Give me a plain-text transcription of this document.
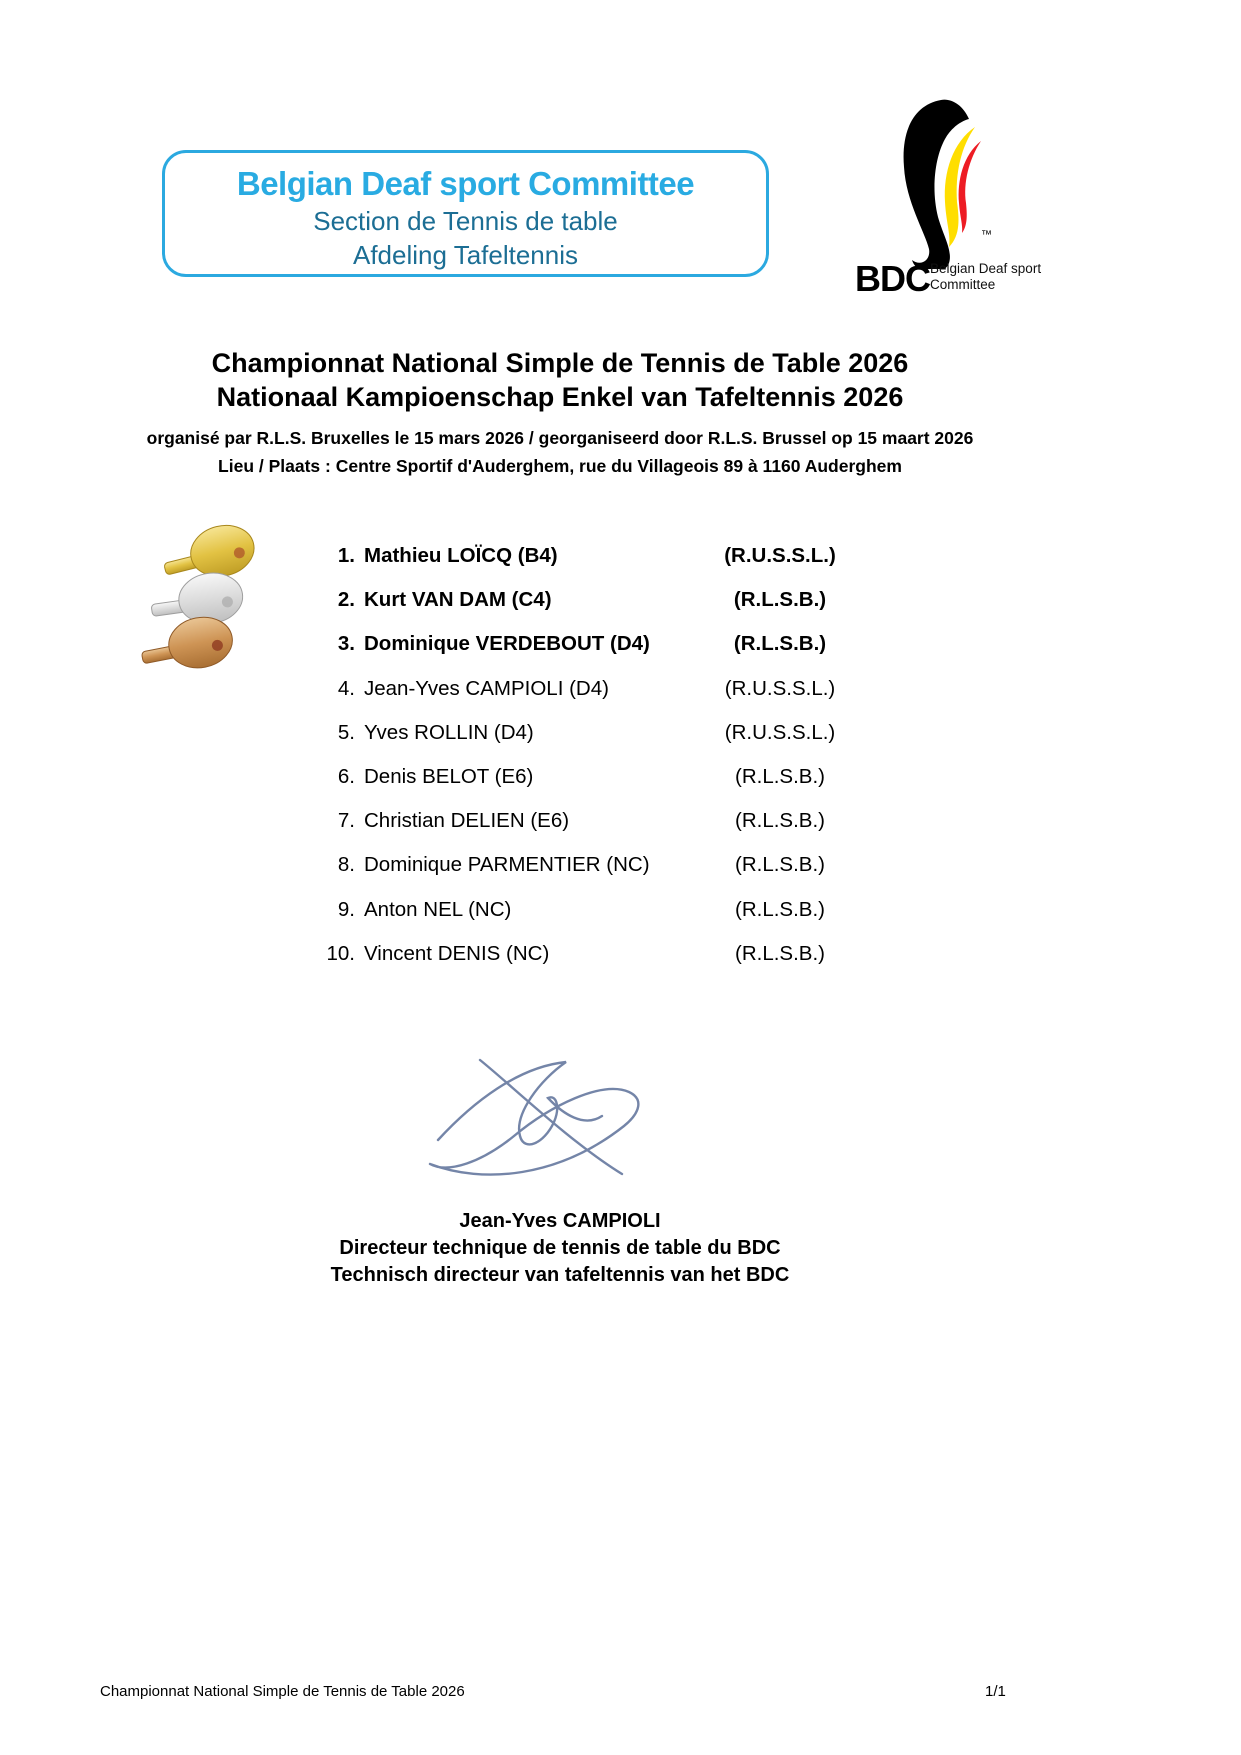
Belgian Deaf sport Committee
Section de Tennis de table
Afdeling Tafeltennis
™
BDC Belgian Deaf sport
Committee
Championnat National Simple de Tennis de Table 2026
Nationaal Kampioenschap Enkel van Tafeltennis 2026
organisé par R.L.S. Bruxelles le 15 mars 2026 / georganiseerd door R.L.S. Brussel op 15 maart 2026
Lieu / Plaats : Centre Sportif d'Auderghem, rue du Villageois 89 à 1160 Auderghem
1. Mathieu LOÏCQ (B4)	(R.U.S.S.L.)
2. Kurt VAN DAM (C4)	(R.L.S.B.)
3. Dominique VERDEBOUT (D4)	(R.L.S.B.)
4. Jean-Yves CAMPIOLI (D4)	(R.U.S.S.L.)
5. Yves ROLLIN (D4)	(R.U.S.S.L.)
6. Denis BELOT (E6)	(R.L.S.B.)
7. Christian DELIEN (E6)	(R.L.S.B.)
8. Dominique PARMENTIER (NC)	(R.L.S.B.)
9. Anton NEL (NC)	(R.L.S.B.)
10. Vincent DENIS (NC)	(R.L.S.B.)
Jean-Yves CAMPIOLI
Directeur technique de tennis de table du BDC
Technisch directeur van tafeltennis van het BDC
Championnat National Simple de Tennis de Table 2026	1/1
